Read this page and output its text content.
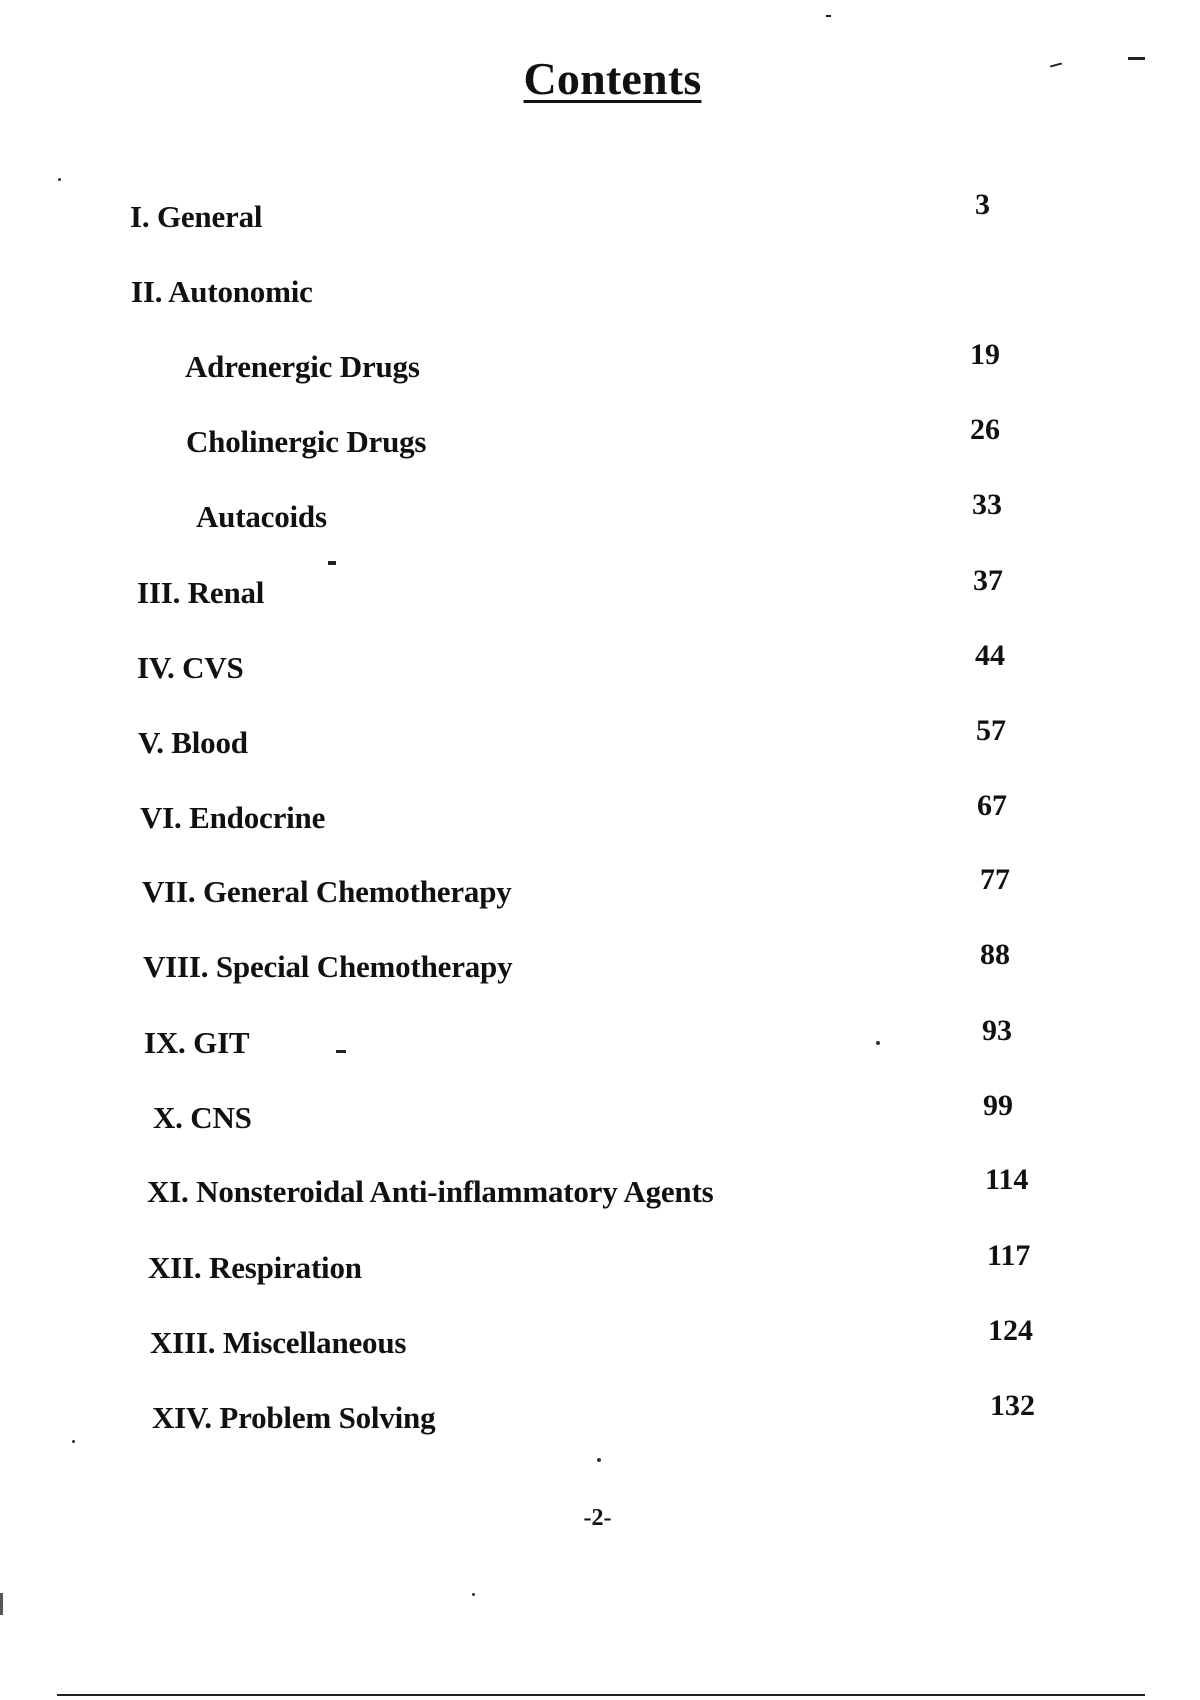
Contents
I. General	3
II. Autonomic
Adrenergic Drugs	19
Cholinergic Drugs	26
Autacoids	33
III. Renal	37
IV. CVS	44
V. Blood	57
VI. Endocrine	67
VII. General Chemotherapy	77
VIII. Special Chemotherapy	88
IX. GIT	93
X. CNS	99
XI. Nonsteroidal Anti-inflammatory Agents	114
XII. Respiration	117
XIII. Miscellaneous	124
XIV. Problem Solving	132
-2-
